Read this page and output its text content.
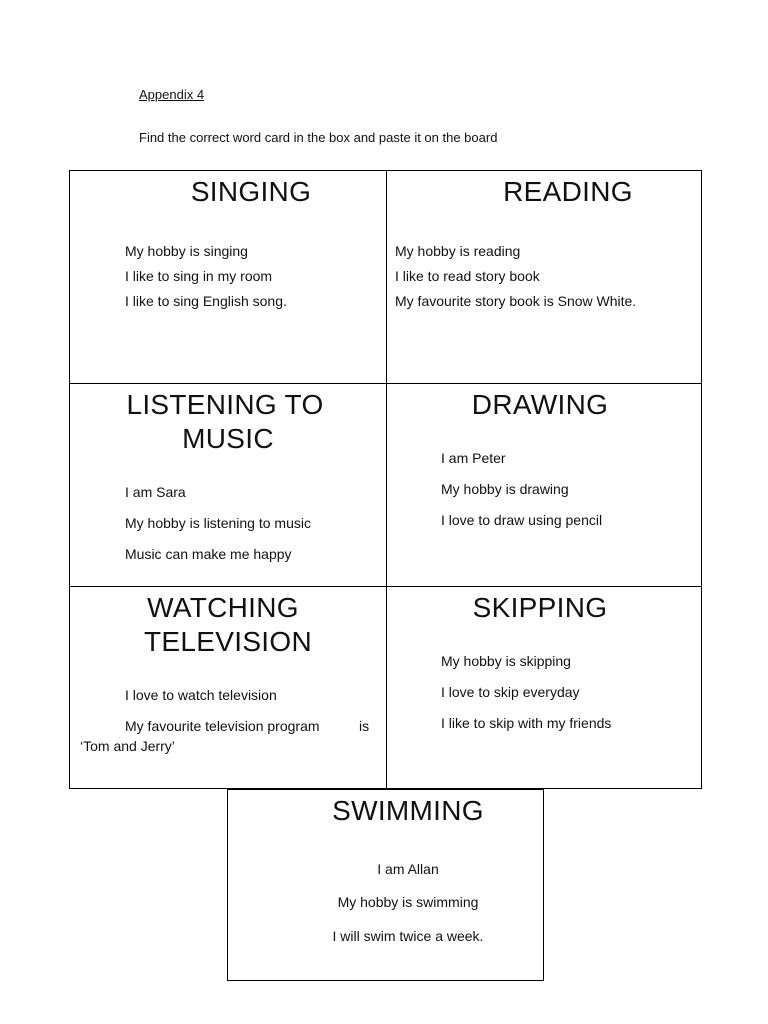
Appendix 4
Find the correct word card in the box and paste it on the board
SINGING
My hobby is singing
I like to sing in my room
I like to sing English song.
READING
My hobby is reading
I like to read story book
My favourite story book is Snow White.
LISTENING TO
MUSIC
I am Sara
My hobby is listening to music
Music can make me happy
DRAWING
I am Peter
My hobby is drawing
I love to draw using pencil
WATCHING
TELEVISION
I love to watch television
My favourite television program	is
‘Tom and Jerry’
SKIPPING
My hobby is skipping
I love to skip everyday
I like to skip with my friends
SWIMMING
I am Allan
My hobby is swimming
I will swim twice a week.
